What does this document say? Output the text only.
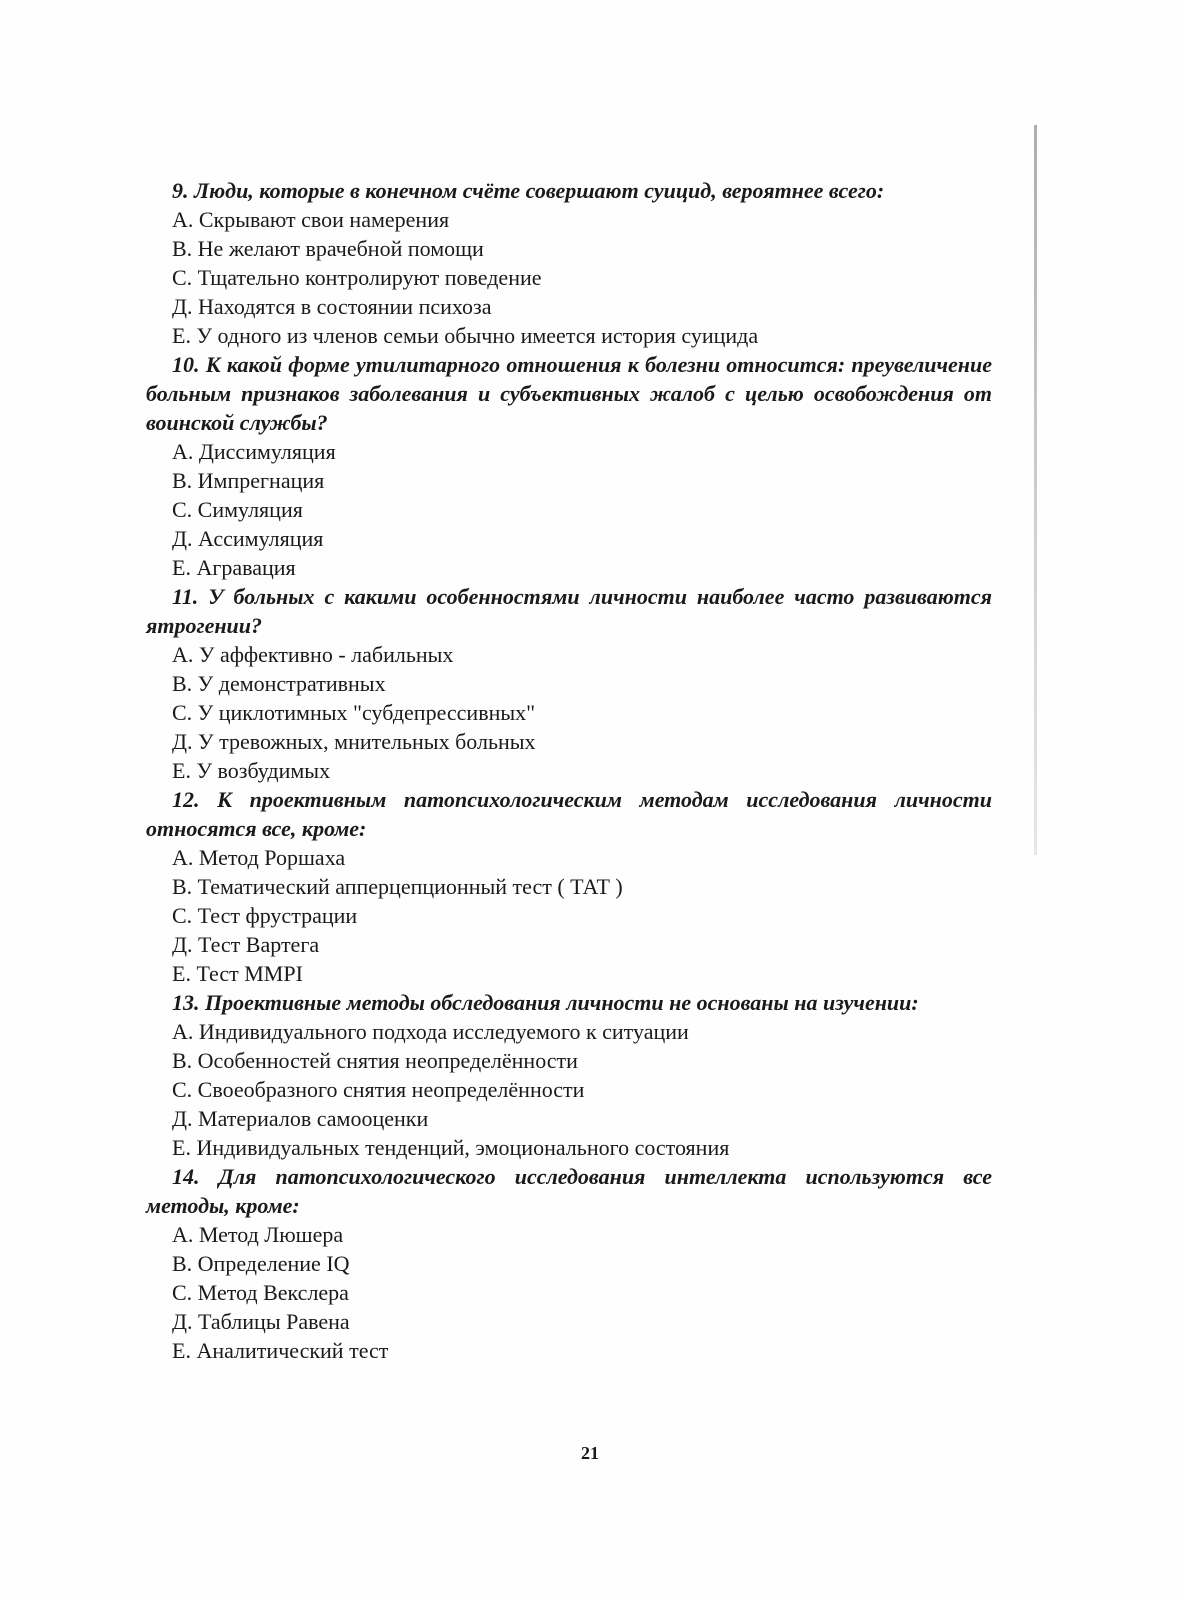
9. Люди, которые в конечном счёте совершают суицид, вероятнее всего:

А. Скрывают свои намерения

В. Не желают врачебной помощи

С. Тщательно контролируют поведение

Д. Находятся в состоянии психоза

Е. У одного из членов семьи обычно имеется история суицида

10. К какой форме утилитарного отношения к болезни относится: преувеличение больным признаков заболевания и субъективных жалоб с целью освобождения от воинской службы?

А. Диссимуляция

В. Импрегнация

С. Симуляция

Д. Ассимуляция

Е. Агравация

11. У больных с какими особенностями личности наиболее часто развиваются ятрогении?

А. У аффективно - лабильных

В. У демонстративных

С. У циклотимных "субдепрессивных"

Д. У тревожных, мнительных больных

Е. У возбудимых

12. К проективным патопсихологическим методам исследования личности относятся все, кроме:

А. Метод Роршаха

В. Тематический апперцепционный тест ( ТАТ )

С. Тест фрустрации

Д. Тест Вартега

Е. Тест ММРI

13. Проективные методы обследования личности не основаны на изучении:

А. Индивидуального подхода исследуемого к ситуации

В. Особенностей снятия неопределённости

С. Своеобразного снятия неопределённости

Д. Материалов самооценки

Е. Индивидуальных тенденций, эмоционального состояния

14. Для патопсихологического исследования интеллекта используются все методы, кроме:

А. Метод Люшера

В. Определение IQ

С. Метод Векслера

Д. Таблицы Равена

Е. Аналитический тест

21
